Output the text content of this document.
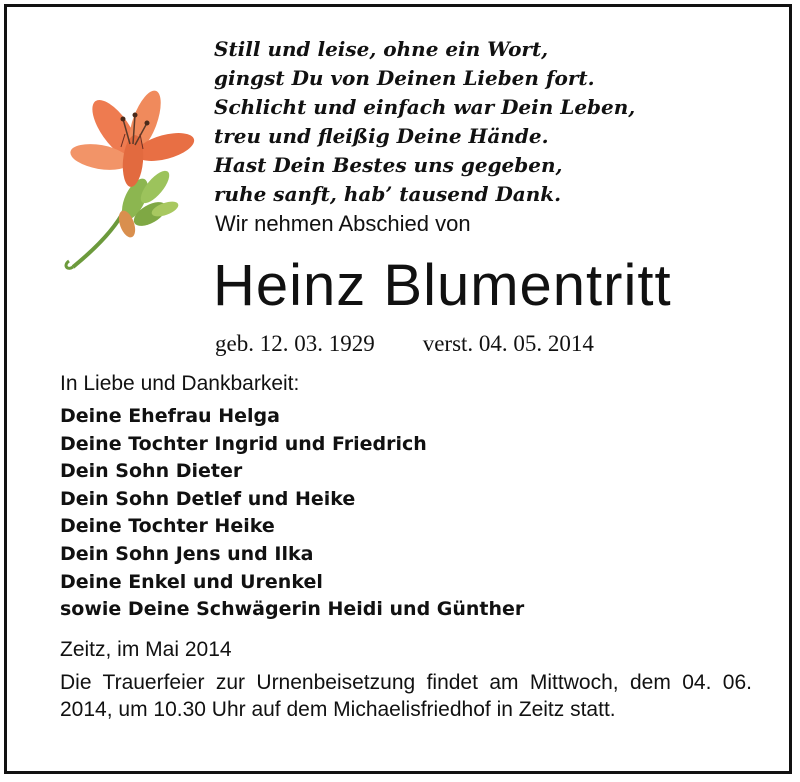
Still und leise, ohne ein Wort,
gingst Du von Deinen Lieben fort.
Schlicht und einfach war Dein Leben,
treu und fleißig Deine Hände.
Hast Dein Bestes uns gegeben,
ruhe sanft, hab’ tausend Dank.
Wir nehmen Abschied von
Heinz Blumentritt
geb. 12. 03. 1929 verst. 04. 05. 2014
In Liebe und Dankbarkeit:
Deine Ehefrau Helga
Deine Tochter Ingrid und Friedrich
Dein Sohn Dieter
Dein Sohn Detlef und Heike
Deine Tochter Heike
Dein Sohn Jens und Ilka
Deine Enkel und Urenkel
sowie Deine Schwägerin Heidi und Günther
Zeitz, im Mai 2014
Die Trauerfeier zur Urnenbeisetzung findet am Mittwoch, dem 04. 06. 2014, um 10.30 Uhr auf dem Michaelisfriedhof in Zeitz statt.
